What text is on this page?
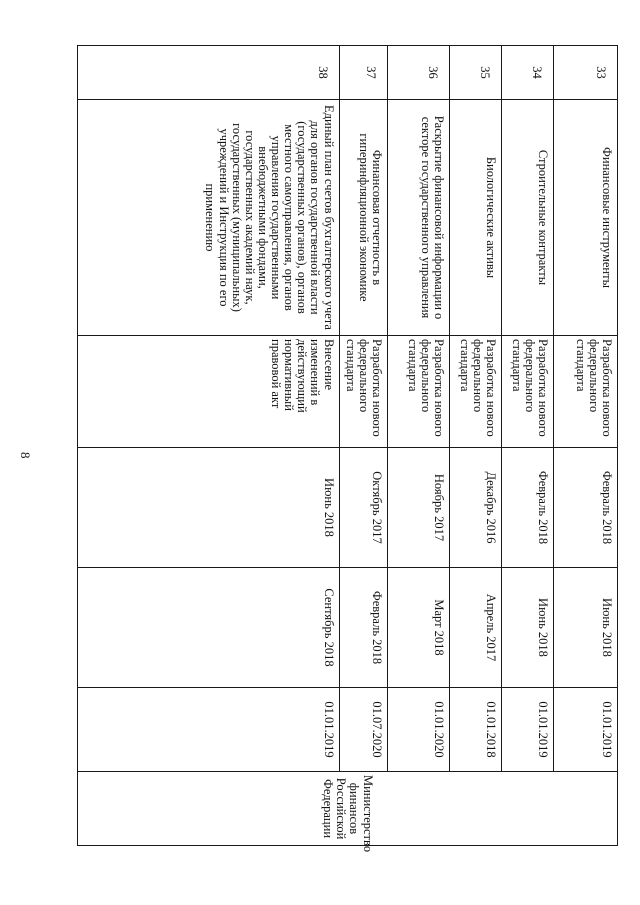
8
33	Финансовые инструменты	Разработка нового федерального стандарта	Февраль 2018	Июнь 2018	01.01.2019	Министерство финансов Российской Федерации
34	Строительные контракты	Разработка нового федерального стандарта	Февраль 2018	Июнь 2018	01.01.2019	
35	Биологические активы	Разработка нового федерального стандарта	Декабрь 2016	Апрель 2017	01.01.2018	
36	Раскрытие финансовой информации о секторе государственного управления	Разработка нового федерального стандарта	Ноябрь 2017	Март 2018	01.01.2020	
37	Финансовая отчетность в гиперинфляционной экономике	Разработка нового федерального стандарта	Октябрь 2017	Февраль 2018	01.07.2020	
38	Единый план счетов бухгалтерского учета для органов государственной власти (государственных органов), органов местного самоуправления, органов управления государственными внебюджетными фондами, государственных академий наук, государственных (муниципальных) учреждений и Инструкция по его применению	Внесение изменений в действующий нормативный правовой акт	Июнь 2018	Сентябрь 2018	01.01.2019	
